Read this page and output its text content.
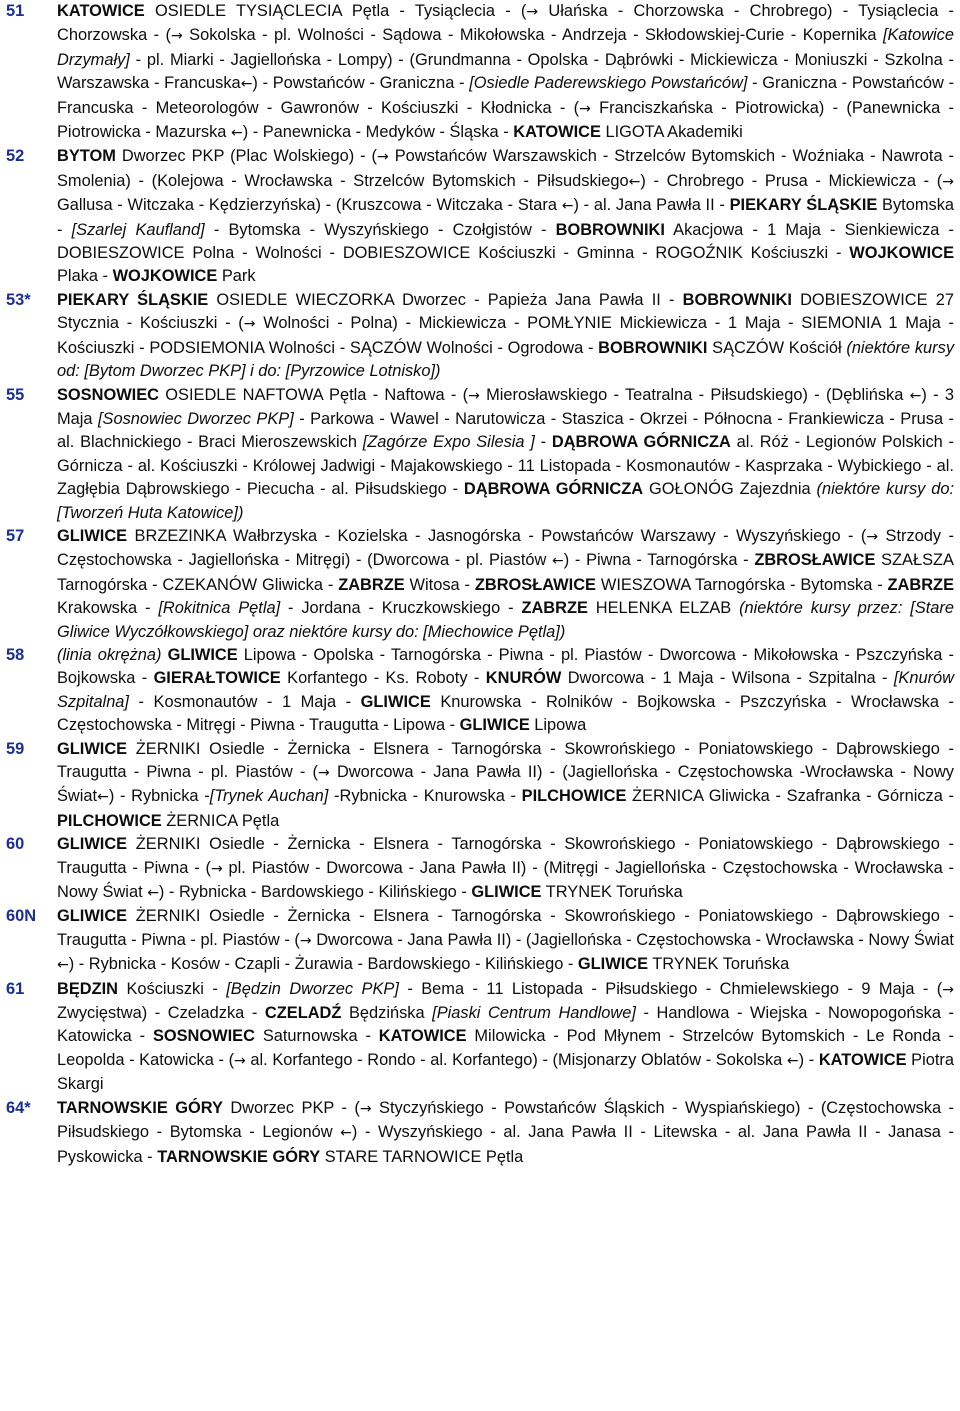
51	KATOWICE OSIEDLE TYSIĄCLECIA Pętla - Tysiąclecia - (→ Ułańska - Chorzowska - Chrobrego) - Tysiąclecia - Chorzowska - (→ Sokolska - pl. Wolności - Sądowa - Mikołowska - Andrzeja - Skłodowskiej-Curie - Kopernika [Katowice Drzymały] - pl. Miarki - Jagiellońska - Lompy) - (Grundmanna - Opolska - Dąbrówki - Mickiewicza - Moniuszki - Szkolna - Warszawska - Francuska←) - Powstańców - Graniczna - [Osiedle Paderewskiego Powstańców] - Graniczna - Powstańców - Francuska - Meteorologów - Gawronów - Kościuszki - Kłodnicka - (→ Franciszkańska - Piotrowicka) - (Panewnicka - Piotrowicka - Mazurska ←) - Panewnicka - Medyków - Śląska - KATOWICE LIGOTA Akademiki
52	BYTOM Dworzec PKP (Plac Wolskiego) - (→ Powstańców Warszawskich - Strzelców Bytomskich - Woźniaka - Nawrota - Smolenia) - (Kolejowa - Wrocławska - Strzelców Bytomskich - Piłsudskiego←) - Chrobrego - Prusa - Mickiewicza - (→ Gallusa - Witczaka - Kędzierzyńska) - (Kruszcowa - Witczaka - Stara ←) - al. Jana Pawła II - PIEKARY ŚLĄSKIE Bytomska - [Szarlej Kaufland] - Bytomska - Wyszyńskiego - Czołgistów - BOBROWNIKI Akacjowa - 1 Maja - Sienkiewicza - DOBIESZOWICE Polna - Wolności - DOBIESZOWICE Kościuszki - Gminna - ROGOŹNIK Kościuszki - WOJKOWICE Plaka - WOJKOWICE Park
53*	PIEKARY ŚLĄSKIE OSIEDLE WIECZORKA Dworzec - Papieża Jana Pawła II - BOBROWNIKI DOBIESZOWICE 27 Stycznia - Kościuszki - (→ Wolności - Polna) - Mickiewicza - POMŁYNIE Mickiewicza - 1 Maja - SIEMONIA 1 Maja - Kościuszki - PODSIEMONIA Wolności - SĄCZÓW Wolności - Ogrodowa - BOBROWNIKI SĄCZÓW Kościół (niektóre kursy od: [Bytom Dworzec PKP] i do: [Pyrzowice Lotnisko])
55	SOSNOWIEC OSIEDLE NAFTOWA Pętla - Naftowa - (→ Mierosławskiego - Teatralna - Piłsudskiego) - (Dęblińska ←) - 3 Maja [Sosnowiec Dworzec PKP] - Parkowa - Wawel - Narutowicza - Staszica - Okrzei - Północna - Frankiewicza - Prusa - al. Blachnickiego - Braci Mieroszewskich [Zagórze Expo Silesia ] - DĄBROWA GÓRNICZA al. Róż - Legionów Polskich - Górnicza - al. Kościuszki - Królowej Jadwigi - Majakowskiego - 11 Listopada - Kosmonautów - Kasprzaka - Wybickiego - al. Zagłębia Dąbrowskiego - Piecucha - al. Piłsudskiego - DĄBROWA GÓRNICZA GOŁONÓG Zajezdnia (niektóre kursy do: [Tworzeń Huta Katowice])
57	GLIWICE BRZEZINKA Wałbrzyska - Kozielska - Jasnogórska - Powstańców Warszawy - Wyszyńskiego - (→ Strzody - Częstochowska - Jagiellońska - Mitręgi) - (Dworcowa - pl. Piastów ←) - Piwna - Tarnogórska - ZBROSŁAWICE SZAŁSZA Tarnogórska - CZEKANÓW Gliwicka - ZABRZE Witosa - ZBROSŁAWICE WIESZOWA Tarnogórska - Bytomska - ZABRZE Krakowska - [Rokitnica Pętla] - Jordana - Kruczkowskiego - ZABRZE HELENKA ELZAB (niektóre kursy przez: [Stare Gliwice Wyczółkowskiego] oraz niektóre kursy do: [Miechowice Pętla])
58	(linia okrężna) GLIWICE Lipowa - Opolska - Tarnogórska - Piwna - pl. Piastów - Dworcowa - Mikołowska - Pszczyńska - Bojkowska - GIERAŁTOWICE Korfantego - Ks. Roboty - KNURÓW Dworcowa - 1 Maja - Wilsona - Szpitalna - [Knurów Szpitalna] - Kosmonautów - 1 Maja - GLIWICE Knurowska - Rolników - Bojkowska - Pszczyńska - Wrocławska - Częstochowska - Mitręgi - Piwna - Traugutta - Lipowa - GLIWICE Lipowa
59	GLIWICE ŻERNIKI Osiedle - Żernicka - Elsnera - Tarnogórska - Skowrońskiego - Poniatowskiego - Dąbrowskiego - Traugutta - Piwna - pl. Piastów - (→ Dworcowa - Jana Pawła II) - (Jagiellońska - Częstochowska -Wrocławska - Nowy Świat←) - Rybnicka -[Trynek Auchan] -Rybnicka - Knurowska - PILCHOWICE ŻERNICA Gliwicka - Szafranka - Górnicza - PILCHOWICE ŻERNICA Pętla
60	GLIWICE ŻERNIKI Osiedle - Żernicka - Elsnera - Tarnogórska - Skowrońskiego - Poniatowskiego - Dąbrowskiego - Traugutta - Piwna - (→ pl. Piastów - Dworcowa - Jana Pawła II) - (Mitręgi - Jagiellońska - Częstochowska - Wrocławska - Nowy Świat ←) - Rybnicka - Bardowskiego - Kilińskiego - GLIWICE TRYNEK Toruńska
60N	GLIWICE ŻERNIKI Osiedle - Żernicka - Elsnera - Tarnogórska - Skowrońskiego - Poniatowskiego - Dąbrowskiego - Traugutta - Piwna - pl. Piastów - (→ Dworcowa - Jana Pawła II) - (Jagiellońska - Częstochowska - Wrocławska - Nowy Świat ←) - Rybnicka - Kosów - Czapli - Żurawia - Bardowskiego - Kilińskiego - GLIWICE TRYNEK Toruńska
61	BĘDZIN Kościuszki - [Będzin Dworzec PKP] - Bema - 11 Listopada - Piłsudskiego - Chmielewskiego - 9 Maja - (→ Zwycięstwa) - Czeladzka - CZELADŹ Będzińska [Piaski Centrum Handlowe] - Handlowa - Wiejska - Nowopogońska - Katowicka - SOSNOWIEC Saturnowska - KATOWICE Milowicka - Pod Młynem - Strzelców Bytomskich - Le Ronda - Leopolda - Katowicka - (→ al. Korfantego - Rondo - al. Korfantego) - (Misjonarzy Oblatów - Sokolska ←) - KATOWICE Piotra Skargi
64*	TARNOWSKIE GÓRY Dworzec PKP - (→ Styczyńskiego - Powstańców Śląskich - Wyspiańskiego) - (Częstochowska - Piłsudskiego - Bytomska - Legionów ←) - Wyszyńskiego - al. Jana Pawła II - Litewska - al. Jana Pawła II - Janasa - Pyskowicka - TARNOWSKIE GÓRY STARE TARNOWICE Pętla
